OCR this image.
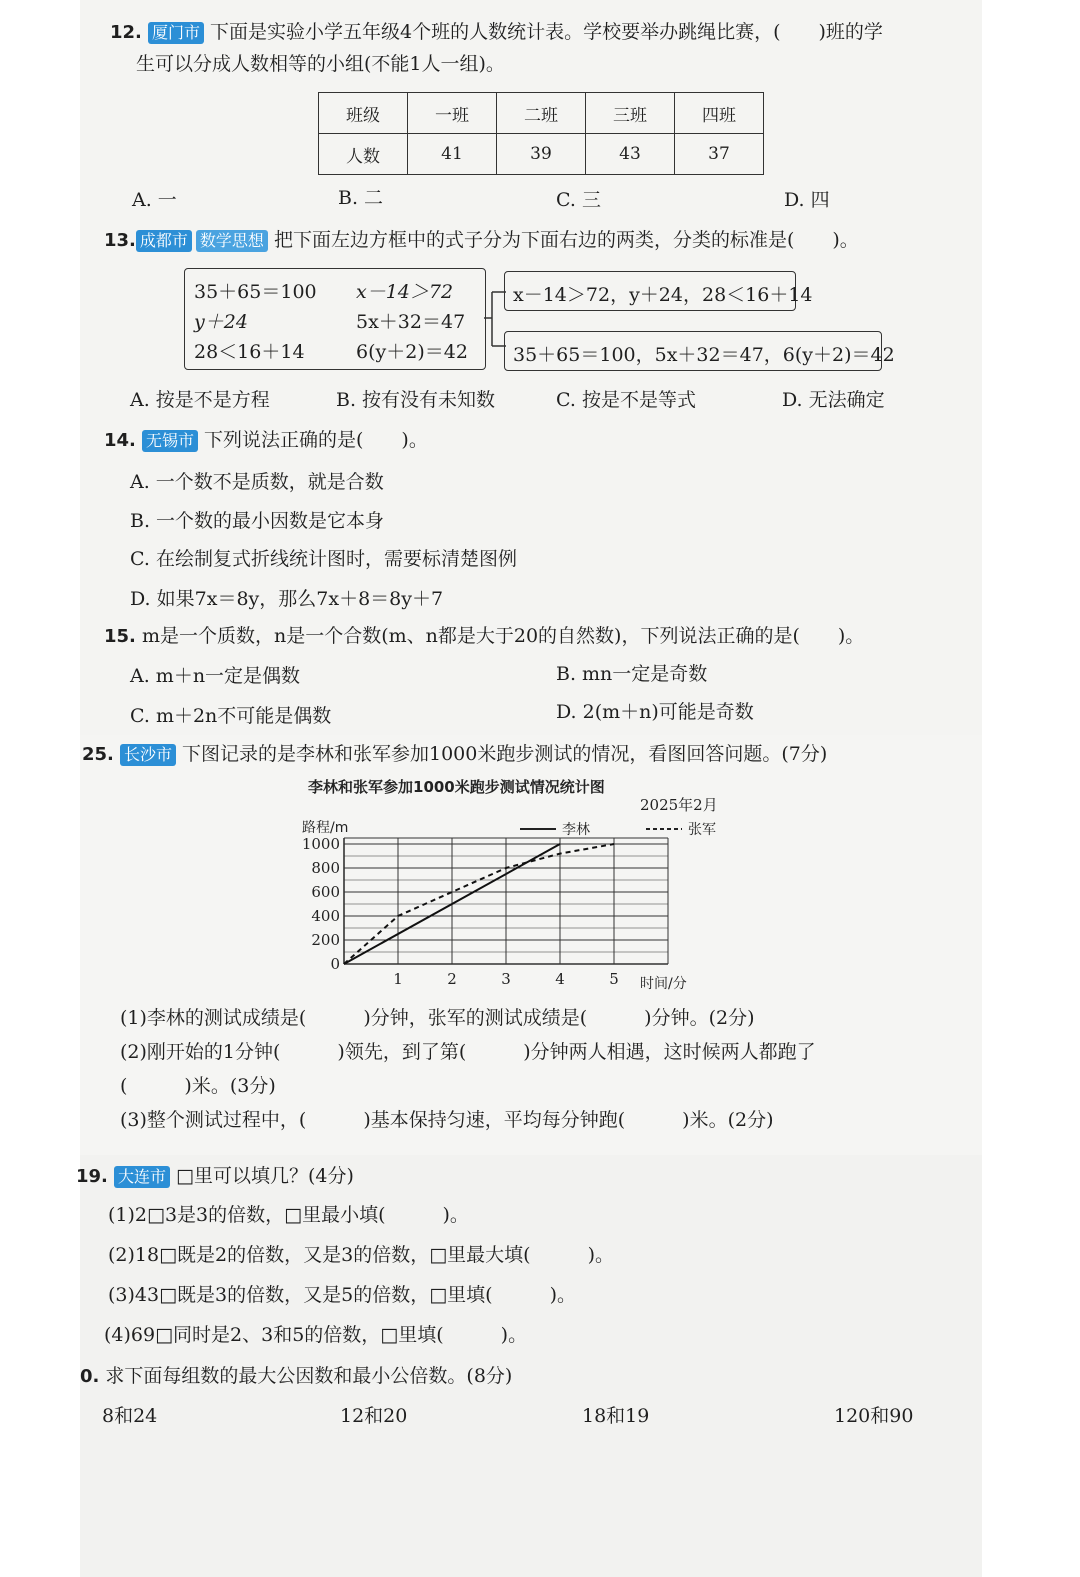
12. 厦门市 下面是实验小学五年级4个班的人数统计表。学校要举办跳绳比赛，(　　)班的学
生可以分成人数相等的小组(不能1人一组)。
班级	一班	二班	三班	四班
人数	41	39	43	37
A. 一	B. 二	C. 三	D. 四
13. 成都市 数学思想 把下面左边方框中的式子分为下面右边的两类，分类的标准是(　　)。
35＋65＝100 x－14＞72
y＋24	5x＋32＝47
28＜16＋14	6(y＋2)＝42
x－14＞72，y＋24，28＜16＋14
35＋65＝100，5x＋32＝47，6(y＋2)＝42
A. 按是不是方程	B. 按有没有未知数	C. 按是不是等式	D. 无法确定
14. 无锡市 下列说法正确的是(　　)。
A. 一个数不是质数，就是合数
B. 一个数的最小因数是它本身
C. 在绘制复式折线统计图时，需要标清楚图例
D. 如果7x＝8y，那么7x＋8＝8y＋7
15. m是一个质数，n是一个合数(m、n都是大于20的自然数)，下列说法正确的是(　　)。
A. m＋n一定是偶数	B. mn一定是奇数
C. m＋2n不可能是偶数	D. 2(m＋n)可能是奇数
25. 长沙市 下图记录的是李林和张军参加1000米跑步测试的情况，看图回答问题。(7分)
李林和张军参加1000米跑步测试情况统计图
2025年2月
路程/m	李林	张军
0
200
400
600
800
1000
1	2	3	4	5 时间/分
(1)李林的测试成绩是(　　　)分钟，张军的测试成绩是(　　　)分钟。(2分)
(2)刚开始的1分钟(　　　)领先，到了第(　　　)分钟两人相遇，这时候两人都跑了
(　　　)米。(3分)
(3)整个测试过程中，(　　　)基本保持匀速，平均每分钟跑(　　　)米。(2分)
19. 大连市 □里可以填几？(4分)
(1)2□3是3的倍数，□里最小填(　　　)。
(2)18□既是2的倍数，又是3的倍数，□里最大填(　　　)。
(3)43□既是3的倍数，又是5的倍数，□里填(　　　)。
(4)69□同时是2、3和5的倍数，□里填(　　　)。
0. 求下面每组数的最大公因数和最小公倍数。(8分)
8和24	12和20	18和19	120和90
